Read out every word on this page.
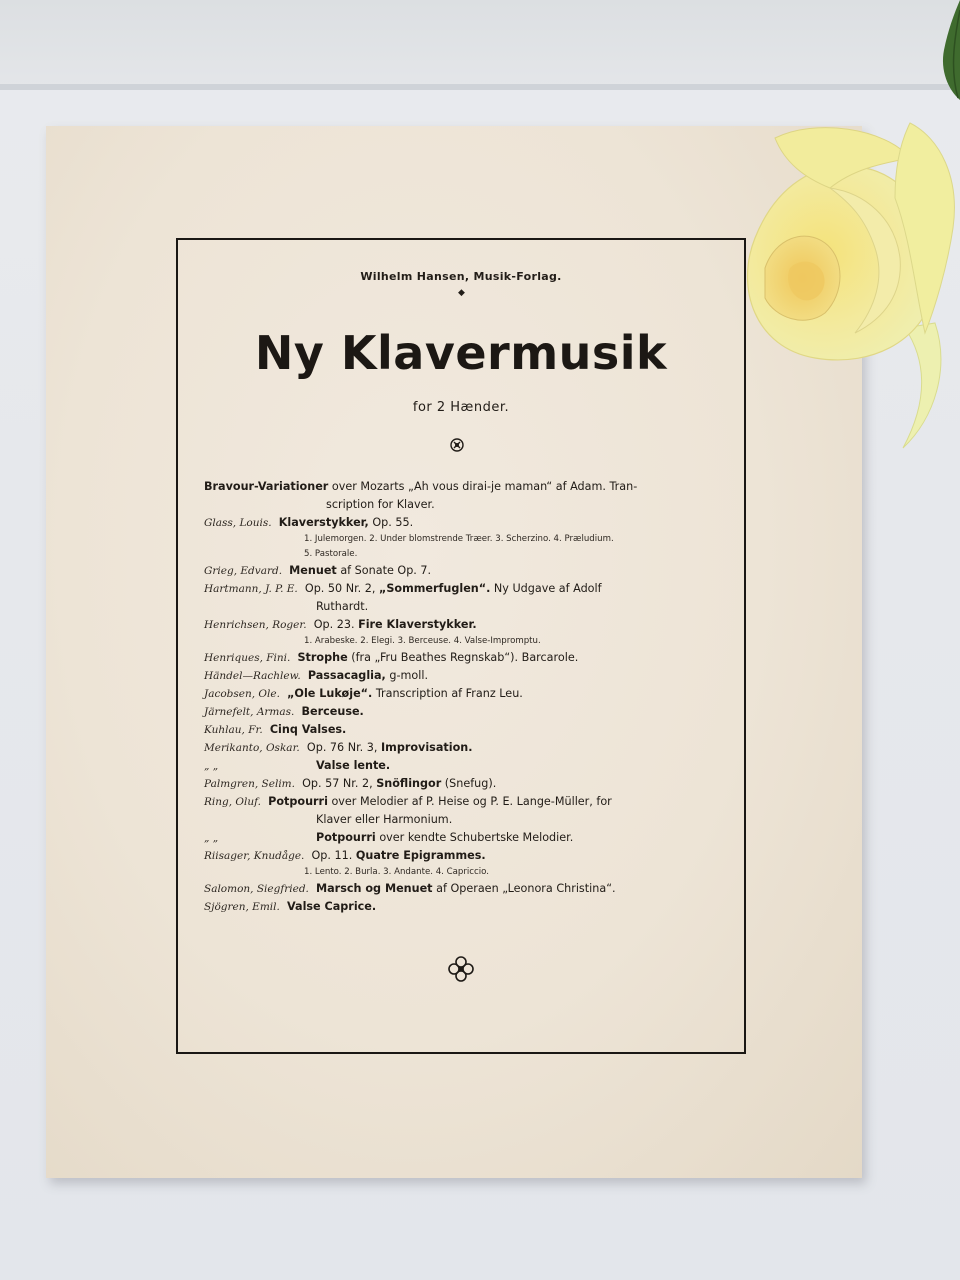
Wilhelm Hansen, Musik-Forlag.
◆
Ny Klavermusik
for 2 Hænder.
Bravour-Variationer over Mozarts „Ah vous dirai-je maman“ af Adam. Tran-
scription for Klaver.
Glass, Louis. Klaverstykker, Op. 55.
1. Julemorgen. 2. Under blomstrende Træer. 3. Scherzino. 4. Præludium.
5. Pastorale.
Grieg, Edvard. Menuet af Sonate Op. 7.
Hartmann, J. P. E. Op. 50 Nr. 2, „Sommerfuglen“. Ny Udgave af Adolf
Ruthardt.
Henrichsen, Roger. Op. 23. Fire Klaverstykker.
1. Arabeske. 2. Elegi. 3. Berceuse. 4. Valse-Impromptu.
Henriques, Fini. Strophe (fra „Fru Beathes Regnskab“). Barcarole.
Händel—Rachlew. Passacaglia, g-moll.
Jacobsen, Ole. „Ole Lukøje“. Transcription af Franz Leu.
Järnefelt, Armas. Berceuse.
Kuhlau, Fr. Cinq Valses.
Merikanto, Oskar. Op. 76 Nr. 3, Improvisation.
„ „	Valse lente.
Palmgren, Selim. Op. 57 Nr. 2, Snöflingor (Snefug).
Ring, Oluf. Potpourri over Melodier af P. Heise og P. E. Lange-Müller, for
Klaver eller Harmonium.
„ „	Potpourri over kendte Schubertske Melodier.
Riisager, Knudåge. Op. 11. Quatre Epigrammes.
1. Lento. 2. Burla. 3. Andante. 4. Capriccio.
Salomon, Siegfried. Marsch og Menuet af Operaen „Leonora Christina“.
Sjögren, Emil. Valse Caprice.
